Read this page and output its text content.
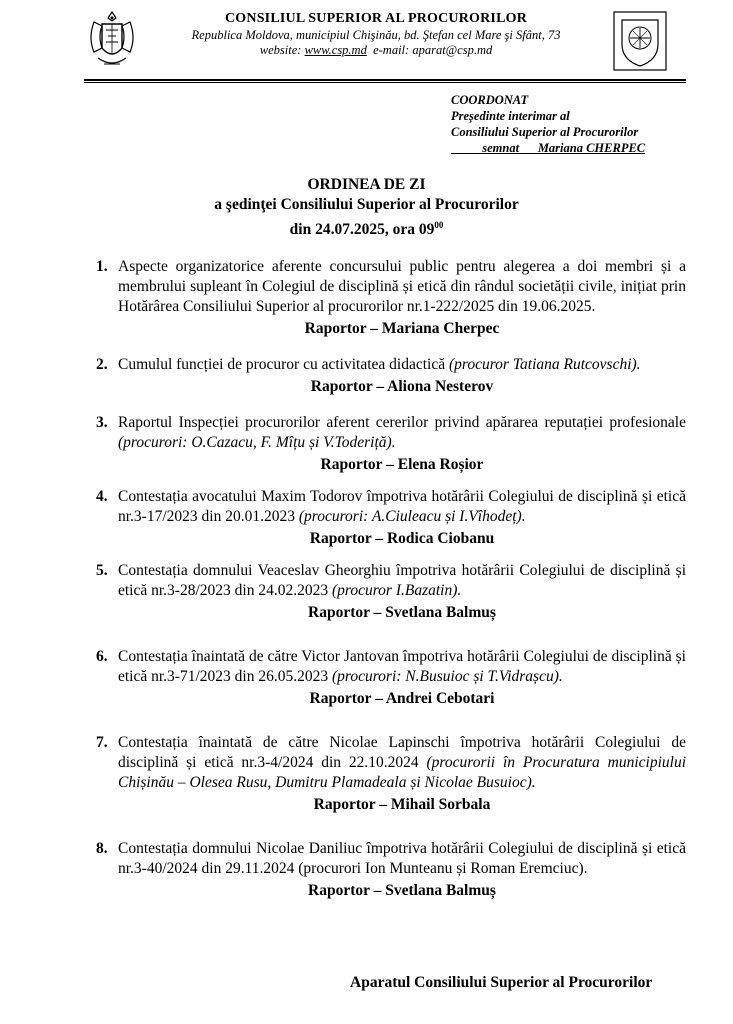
CONSILIUL SUPERIOR AL PROCURORILOR
Republica Moldova, municipiul Chişinău, bd. Ştefan cel Mare şi Sfânt, 73
website: www.csp.md e-mail: aparat@csp.md
COORDONAT
Președinte interimar al
Consiliului Superior al Procurorilor
semnat Mariana CHERPEC
ORDINEA DE ZI
a şedinţei Consiliului Superior al Procurorilor
din 24.07.2025, ora $09^{00}$
1. Aspecte organizatorice aferente concursului public pentru alegerea a doi membri și a membrului supleant în Colegiul de disciplină și etică din rândul societății civile, inițiat prin Hotărârea Consiliului Superior al procurorilor nr.1-222/2025 din 19.06.2025.
Raportor – Mariana Cherpec
2. Cumulul funcției de procuror cu activitatea didactică (procuror Tatiana Rutcovschi).
Raportor – Aliona Nesterov
3. Raportul Inspecției procurorilor aferent cererilor privind apărarea reputației profesionale (procurori: O.Cazacu, F. Mîțu și V.Toderiță).
Raportor – Elena Roșior
4. Contestația avocatului Maxim Todorov împotriva hotărârii Colegiului de disciplină și etică nr.3-17/2023 din 20.01.2023 (procurori: A.Ciuleacu și I.Vîhodeț).
Raportor – Rodica Ciobanu
5. Contestația domnului Veaceslav Gheorghiu împotriva hotărârii Colegiului de disciplină și etică nr.3-28/2023 din 24.02.2023 (procuror I.Bazatin).
Raportor – Svetlana Balmuș
6. Contestația înaintată de către Victor Jantovan împotriva hotărârii Colegiului de disciplină și etică nr.3-71/2023 din 26.05.2023 (procurori: N.Busuioc și T.Vidrașcu).
Raportor – Andrei Cebotari
7. Contestația înaintată de către Nicolae Lapinschi împotriva hotărârii Colegiului de disciplină și etică nr.3-4/2024 din 22.10.2024 (procurorii în Procuratura municipiului Chișinău – Olesea Rusu, Dumitru Plamadeala și Nicolae Busuioc).
Raportor – Mihail Sorbala
8. Contestația domnului Nicolae Daniliuc împotriva hotărârii Colegiului de disciplină și etică nr.3-40/2024 din 29.11.2024 (procurori Ion Munteanu și Roman Eremciuc).
Raportor – Svetlana Balmuș
Aparatul Consiliului Superior al Procurorilor
